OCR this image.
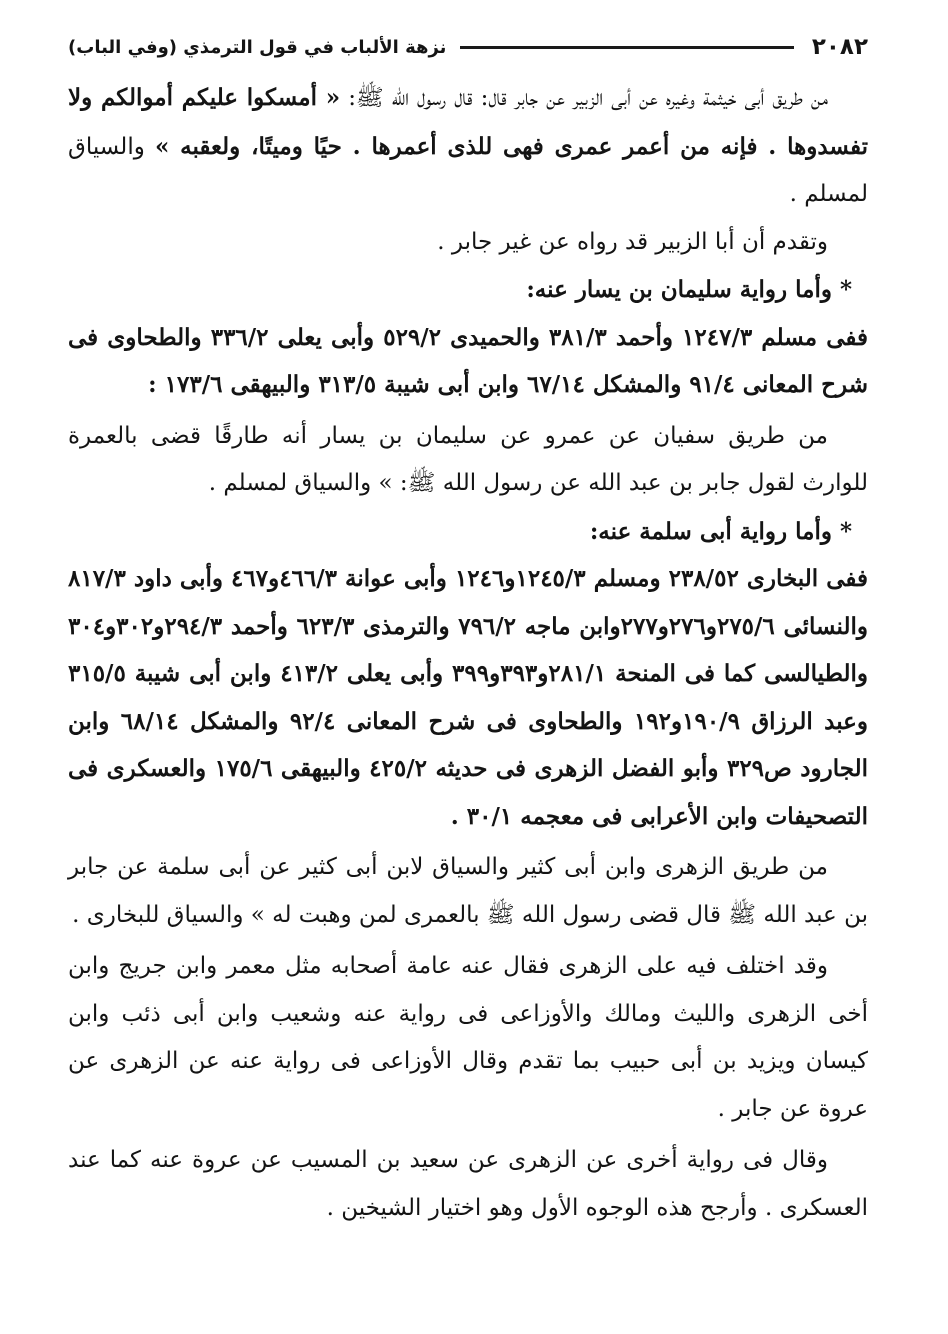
٢٠٨٢
نزهة الألباب في قول الترمذي (وفي الباب)

من طريق أبى خيثمة وغيره عن أبى الزبير عن جابر قال: قال رسول الله ﷺ: « أمسكوا عليكم أموالكم ولا تفسدوها . فإنه من أعمر عمرى فهى للذى أعمرها . حيًا وميتًا، ولعقبه » والسياق لمسلم .

وتقدم أن أبا الزبير قد رواه عن غير جابر .

* وأما رواية سليمان بن يسار عنه:

ففى مسلم ١٢٤٧/٣ وأحمد ٣٨١/٣ والحميدى ٥٢٩/٢ وأبى يعلى ٣٣٦/٢ والطحاوى فى شرح المعانى ٩١/٤ والمشكل ٦٧/١٤ وابن أبى شيبة ٣١٣/٥ والبيهقى ١٧٣/٦ :

من طريق سفيان عن عمرو عن سليمان بن يسار أنه طارقًا قضى بالعمرة للوارث لقول جابر بن عبد الله عن رسول الله ﷺ: » والسياق لمسلم .

* وأما رواية أبى سلمة عنه:

ففى البخارى ٢٣٨/٥٢ ومسلم ١٢٤٥/٣و١٢٤٦ وأبى عوانة ٤٦٦/٣و٤٦٧ وأبى داود ٨١٧/٣ والنسائى ٢٧٥/٦و٢٧٦و٢٧٧وابن ماجه ٧٩٦/٢ والترمذى ٦٢٣/٣ وأحمد ٢٩٤/٣و٣٠٢و٣٠٤ والطيالسى كما فى المنحة ٢٨١/١و٣٩٣و٣٩٩ وأبى يعلى ٤١٣/٢ وابن أبى شيبة ٣١٥/٥ وعبد الرزاق ١٩٠/٩و١٩٢ والطحاوى فى شرح المعانى ٩٢/٤ والمشكل ٦٨/١٤ وابن الجارود ص٣٢٩ وأبو الفضل الزهرى فى حديثه ٤٢٥/٢ والبيهقى ١٧٥/٦ والعسكرى فى التصحيفات وابن الأعرابى فى معجمه ٣٠/١ .

من طريق الزهرى وابن أبى كثير والسياق لابن أبى كثير عن أبى سلمة عن جابر بن عبد الله ﷺ قال قضى رسول الله ﷺ بالعمرى لمن وهبت له » والسياق للبخارى .

وقد اختلف فيه على الزهرى فقال عنه عامة أصحابه مثل معمر وابن جريج وابن أخى الزهرى والليث ومالك والأوزاعى فى رواية عنه وشعيب وابن أبى ذئب وابن كيسان ويزيد بن أبى حبيب بما تقدم وقال الأوزاعى فى رواية عنه عن الزهرى عن عروة عن جابر .

وقال فى رواية أخرى عن الزهرى عن سعيد بن المسيب عن عروة عنه كما عند العسكرى . وأرجح هذه الوجوه الأول وهو اختيار الشيخين .
